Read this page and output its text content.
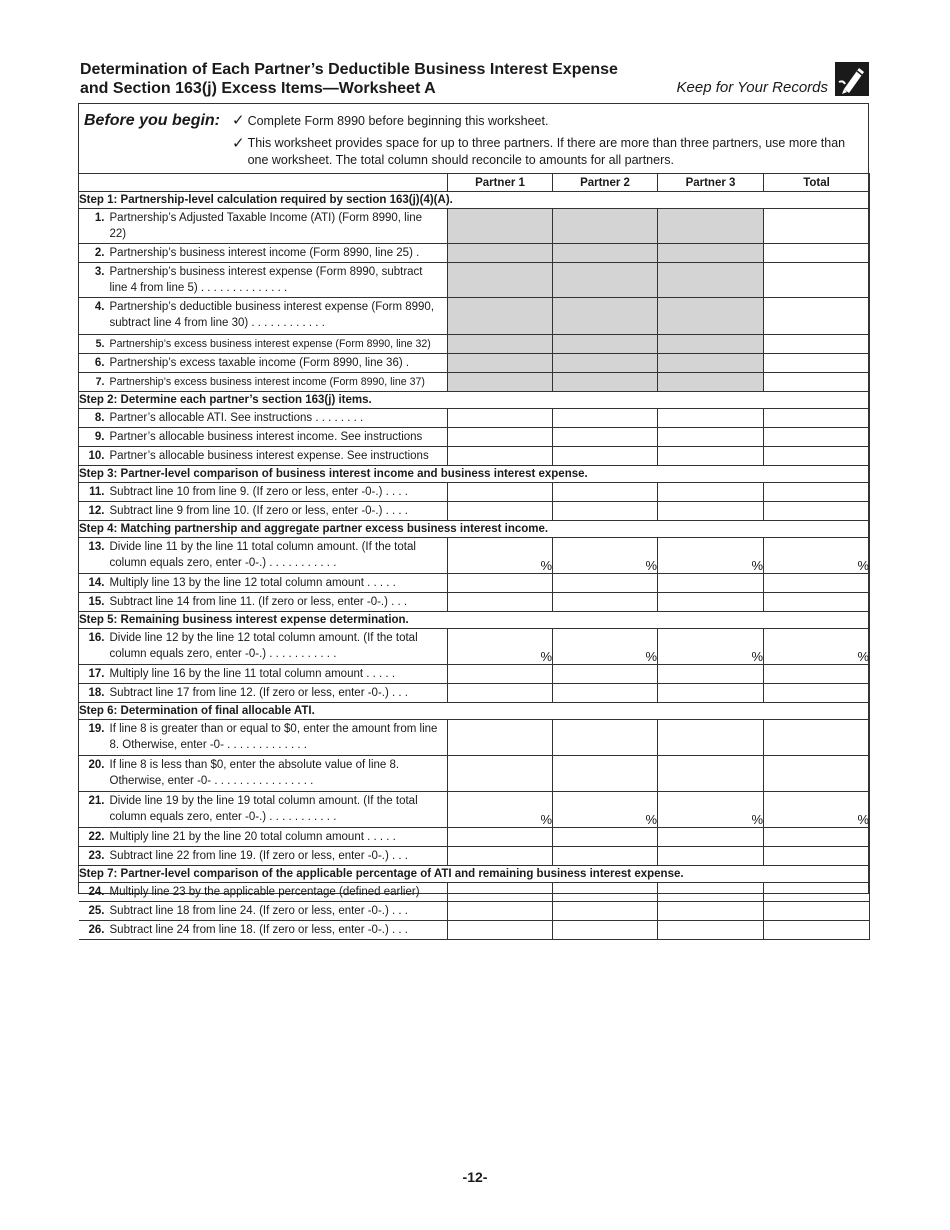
Determination of Each Partner’s Deductible Business Interest Expense
and Section 163(j) Excess Items—Worksheet A	Keep for Your Records
Before you begin: ✓ Complete Form 8990 before beginning this worksheet.
✓ This worksheet provides space for up to three partners. If there are more than three partners, use more than one worksheet. The total column should reconcile to amounts for all partners.
	Partner 1	Partner 2	Partner 3	Total
Step 1: Partnership-level calculation required by section 163(j)(4)(A).				
1. Partnership’s Adjusted Taxable Income (ATI) (Form 8990, line 22)				
2. Partnership’s business interest income (Form 8990, line 25) .				
3. Partnership’s business interest expense (Form 8990, subtract line 4 from line 5) . . . . . . . . . . . . . .				
4. Partnership’s deductible business interest expense (Form 8990, subtract line 4 from line 30) . . . . . . . . . . . .				
5. Partnership’s excess business interest expense (Form 8990, line 32)				
6. Partnership’s excess taxable income (Form 8990, line 36) .				
7. Partnership’s excess business interest income (Form 8990, line 37)				
Step 2: Determine each partner’s section 163(j) items.				
8. Partner’s allocable ATI. See instructions . . . . . . . .				
9. Partner’s allocable business interest income. See instructions				
10. Partner’s allocable business interest expense. See instructions				
Step 3: Partner-level comparison of business interest income and business interest expense.				
11. Subtract line 10 from line 9. (If zero or less, enter -0-.) . . . .				
12. Subtract line 9 from line 10. (If zero or less, enter -0-.) . . . .				
Step 4: Matching partnership and aggregate partner excess business interest income.				
13. Divide line 11 by the line 11 total column amount. (If the total column equals zero, enter -0-.) . . . . . . . . . . .	%	%	%	%
14. Multiply line 13 by the line 12 total column amount . . . . .				
15. Subtract line 14 from line 11. (If zero or less, enter -0-.) . . .				
Step 5: Remaining business interest expense determination.				
16. Divide line 12 by the line 12 total column amount. (If the total column equals zero, enter -0-.) . . . . . . . . . . .	%	%	%	%
17. Multiply line 16 by the line 11 total column amount . . . . .				
18. Subtract line 17 from line 12. (If zero or less, enter -0-.) . . .				
Step 6: Determination of final allocable ATI.				
19. If line 8 is greater than or equal to $0, enter the amount from line 8. Otherwise, enter -0- . . . . . . . . . . . . .				
20. If line 8 is less than $0, enter the absolute value of line 8. Otherwise, enter -0- . . . . . . . . . . . . . . . .				
21. Divide line 19 by the line 19 total column amount. (If the total column equals zero, enter -0-.) . . . . . . . . . . .	%	%	%	%
22. Multiply line 21 by the line 20 total column amount . . . . .				
23. Subtract line 22 from line 19. (If zero or less, enter -0-.) . . .				
Step 7: Partner-level comparison of the applicable percentage of ATI and remaining business interest expense.				
24. Multiply line 23 by the applicable percentage (defined earlier)				
25. Subtract line 18 from line 24. (If zero or less, enter -0-.) . . .				
26. Subtract line 24 from line 18. (If zero or less, enter -0-.) . . .				
-12-
